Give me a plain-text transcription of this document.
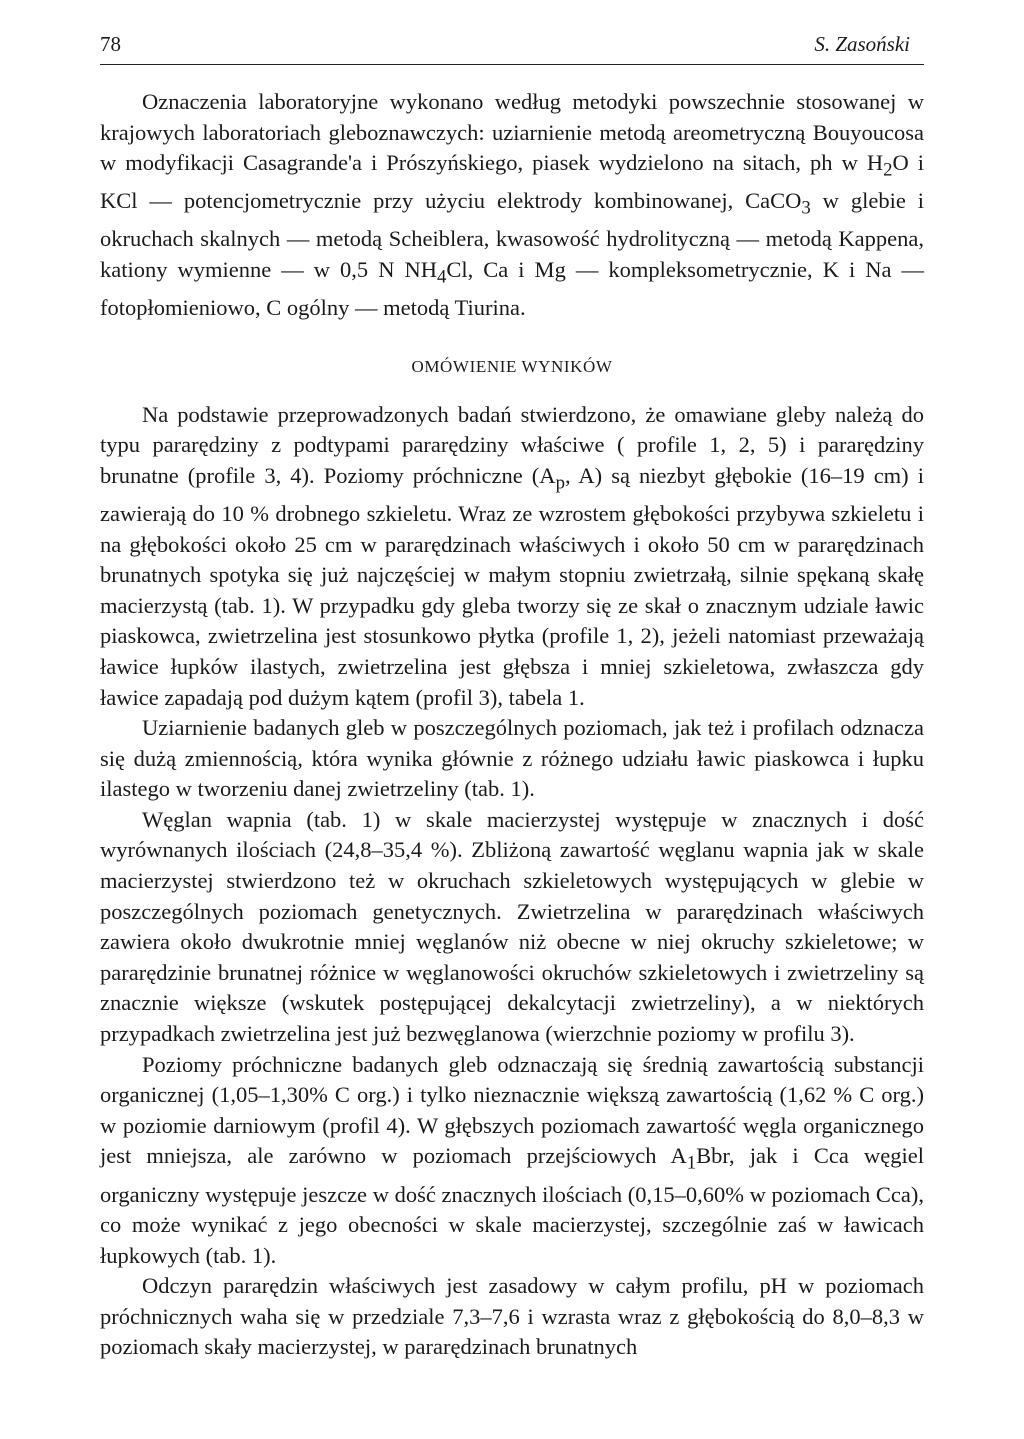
78	S. Zasoński

Oznaczenia laboratoryjne wykonano według metodyki powszechnie stosowanej w krajowych laboratoriach gleboznawczych: uziarnienie metodą areometryczną Bouyoucosa w modyfikacji Casagrande'a i Prószyńskiego, piasek wydzielono na sitach, ph w $H_2O$ i KCl — potencjometrycznie przy użyciu elektrody kombinowanej, CaCO$_3$ w glebie i okruchach skalnych — metodą Scheiblera, kwasowość hydrolityczną — metodą Kappena, kationy wymienne — w 0,5 N $NH_4Cl$, Ca i Mg — kompleksometrycznie, K i Na — fotopłomieniowo, C ogólny — metodą Tiurina.

OMÓWIENIE WYNIKÓW

Na podstawie przeprowadzonych badań stwierdzono, że omawiane gleby należą do typu pararędziny z podtypami pararędziny właściwe ( profile 1, 2, 5) i pararędziny brunatne (profile 3, 4). Poziomy próchniczne ($A_p$, A) są niezbyt głębokie (16–19 cm) i zawierają do 10 % drobnego szkieletu. Wraz ze wzrostem głębokości przybywa szkieletu i na głębokości około 25 cm w pararędzinach właściwych i około 50 cm w pararędzinach brunatnych spotyka się już najczęściej w małym stopniu zwietrzałą, silnie spękaną skałę macierzystą (tab. 1). W przypadku gdy gleba tworzy się ze skał o znacznym udziale ławic piaskowca, zwietrzelina jest stosunkowo płytka (profile 1, 2), jeżeli natomiast przeważają ławice łupków ilastych, zwietrzelina jest głębsza i mniej szkieletowa, zwłaszcza gdy ławice zapadają pod dużym kątem (profil 3), tabela 1.

Uziarnienie badanych gleb w poszczególnych poziomach, jak też i profilach odznacza się dużą zmiennością, która wynika głównie z różnego udziału ławic piaskowca i łupku ilastego w tworzeniu danej zwietrzeliny (tab. 1).

Węglan wapnia (tab. 1) w skale macierzystej występuje w znacznych i dość wyrównanych ilościach (24,8–35,4 %). Zbliżoną zawartość węglanu wapnia jak w skale macierzystej stwierdzono też w okruchach szkieletowych występujących w glebie w poszczególnych poziomach genetycznych. Zwietrzelina w pararędzinach właściwych zawiera około dwukrotnie mniej węglanów niż obecne w niej okruchy szkieletowe; w pararędzinie brunatnej różnice w węglanowości okruchów szkieletowych i zwietrzeliny są znacznie większe (wskutek postępującej dekalcytacji zwietrzeliny), a w niektórych przypadkach zwietrzelina jest już bezwęglanowa (wierzchnie poziomy w profilu 3).

Poziomy próchniczne badanych gleb odznaczają się średnią zawartością substancji organicznej (1,05–1,30% C org.) i tylko nieznacznie większą zawartością (1,62 % C org.) w poziomie darniowym (profil 4). W głębszych poziomach zawartość węgla organicznego jest mniejsza, ale zarówno w poziomach przejściowych $A_1Bbr$, jak i Cca węgiel organiczny występuje jeszcze w dość znacznych ilościach (0,15–0,60% w poziomach Cca), co może wynikać z jego obecności w skale macierzystej, szczególnie zaś w ławicach łupkowych (tab. 1).

Odczyn pararędzin właściwych jest zasadowy w całym profilu, pH w poziomach próchnicznych waha się w przedziale 7,3–7,6 i wzrasta wraz z głębokością do 8,0–8,3 w poziomach skały macierzystej, w pararędzinach brunatnych
